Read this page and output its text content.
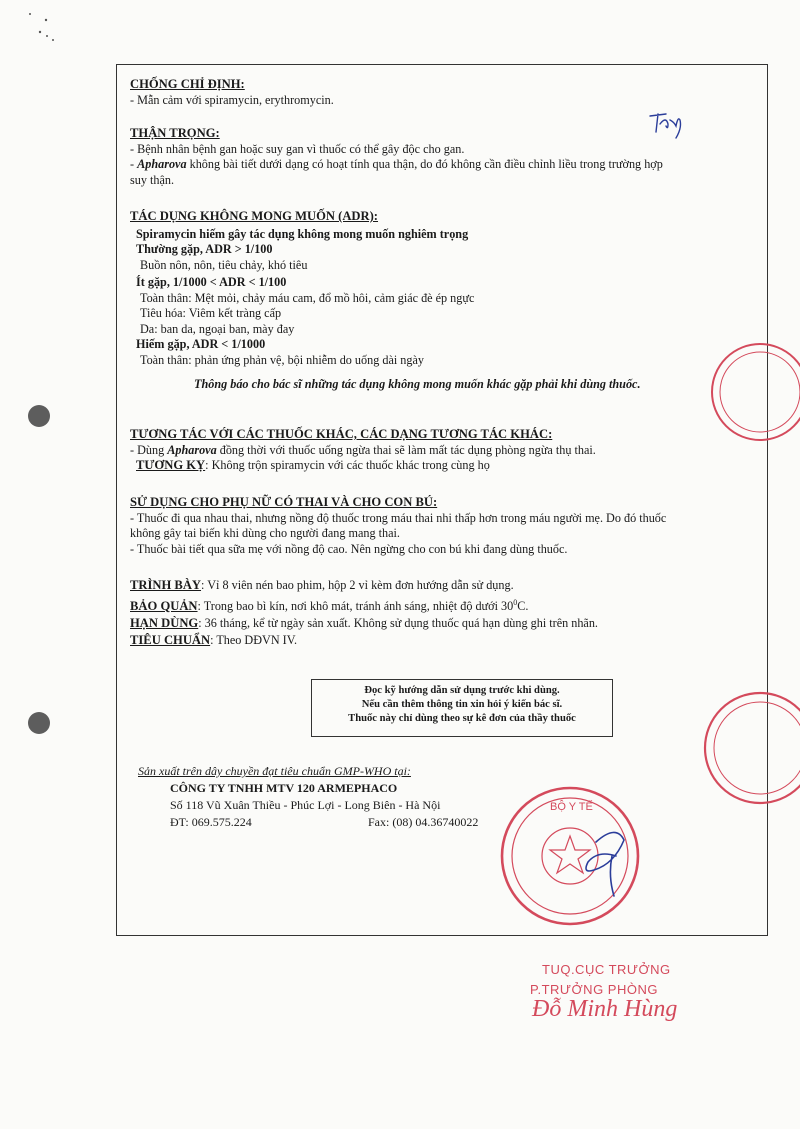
CHỐNG CHỈ ĐỊNH:
- Mẫn cảm với spiramycin, erythromycin.
THẬN TRỌNG:
- Bệnh nhân bệnh gan hoặc suy gan vì thuốc có thể gây độc cho gan.
- Apharova không bài tiết dưới dạng có hoạt tính qua thận, do đó không cần điều chỉnh liều trong trường hợp
suy thận.
TÁC DỤNG KHÔNG MONG MUỐN (ADR):
Spiramycin hiếm gây tác dụng không mong muốn nghiêm trọng
Thường gặp, ADR > 1/100
Buồn nôn, nôn, tiêu chảy, khó tiêu
Ít gặp, 1/1000 < ADR < 1/100
Toàn thân: Mệt mỏi, chảy máu cam, đổ mồ hôi, cảm giác đè ép ngực
Tiêu hóa: Viêm kết tràng cấp
Da: ban da, ngoại ban, mày đay
Hiếm gặp, ADR < 1/1000
Toàn thân: phản ứng phản vệ, bội nhiễm do uống dài ngày
Thông báo cho bác sĩ những tác dụng không mong muốn khác gặp phải khi dùng thuốc.
TƯƠNG TÁC VỚI CÁC THUỐC KHÁC, CÁC DẠNG TƯƠNG TÁC KHÁC:
- Dùng Apharova đồng thời với thuốc uống ngừa thai sẽ làm mất tác dụng phòng ngừa thụ thai.
TƯƠNG KỴ: Không trộn spiramycin với các thuốc khác trong cùng họ
SỬ DỤNG CHO PHỤ NỮ CÓ THAI VÀ CHO CON BÚ:
- Thuốc đi qua nhau thai, nhưng nồng độ thuốc trong máu thai nhi thấp hơn trong máu người mẹ. Do đó thuốc
không gây tai biến khi dùng cho người đang mang thai.
- Thuốc bài tiết qua sữa mẹ với nồng độ cao. Nên ngừng cho con bú khi đang dùng thuốc.
TRÌNH BÀY: Vỉ 8 viên nén bao phim, hộp 2 vỉ kèm đơn hướng dẫn sử dụng.
BẢO QUẢN: Trong bao bì kín, nơi khô mát, tránh ánh sáng, nhiệt độ dưới $30^0C$.
HẠN DÙNG: 36 tháng, kể từ ngày sản xuất. Không sử dụng thuốc quá hạn dùng ghi trên nhãn.
TIÊU CHUẨN: Theo DĐVN IV.
Đọc kỹ hướng dẫn sử dụng trước khi dùng.
Nếu cần thêm thông tin xin hỏi ý kiến bác sĩ.
Thuốc này chỉ dùng theo sự kê đơn của thầy thuốc
Sản xuất trên dây chuyền đạt tiêu chuẩn GMP-WHO tại:
CÔNG TY TNHH MTV 120 ARMEPHACO
Số 118 Vũ Xuân Thiều - Phúc Lợi - Long Biên - Hà Nội
ĐT: 069.575.224	Fax: (08) 04.36740022
BỘ Y TẾ
TUQ.CỤC TRƯỞNG
P.TRƯỞNG PHÒNG
Đỗ Minh Hùng
